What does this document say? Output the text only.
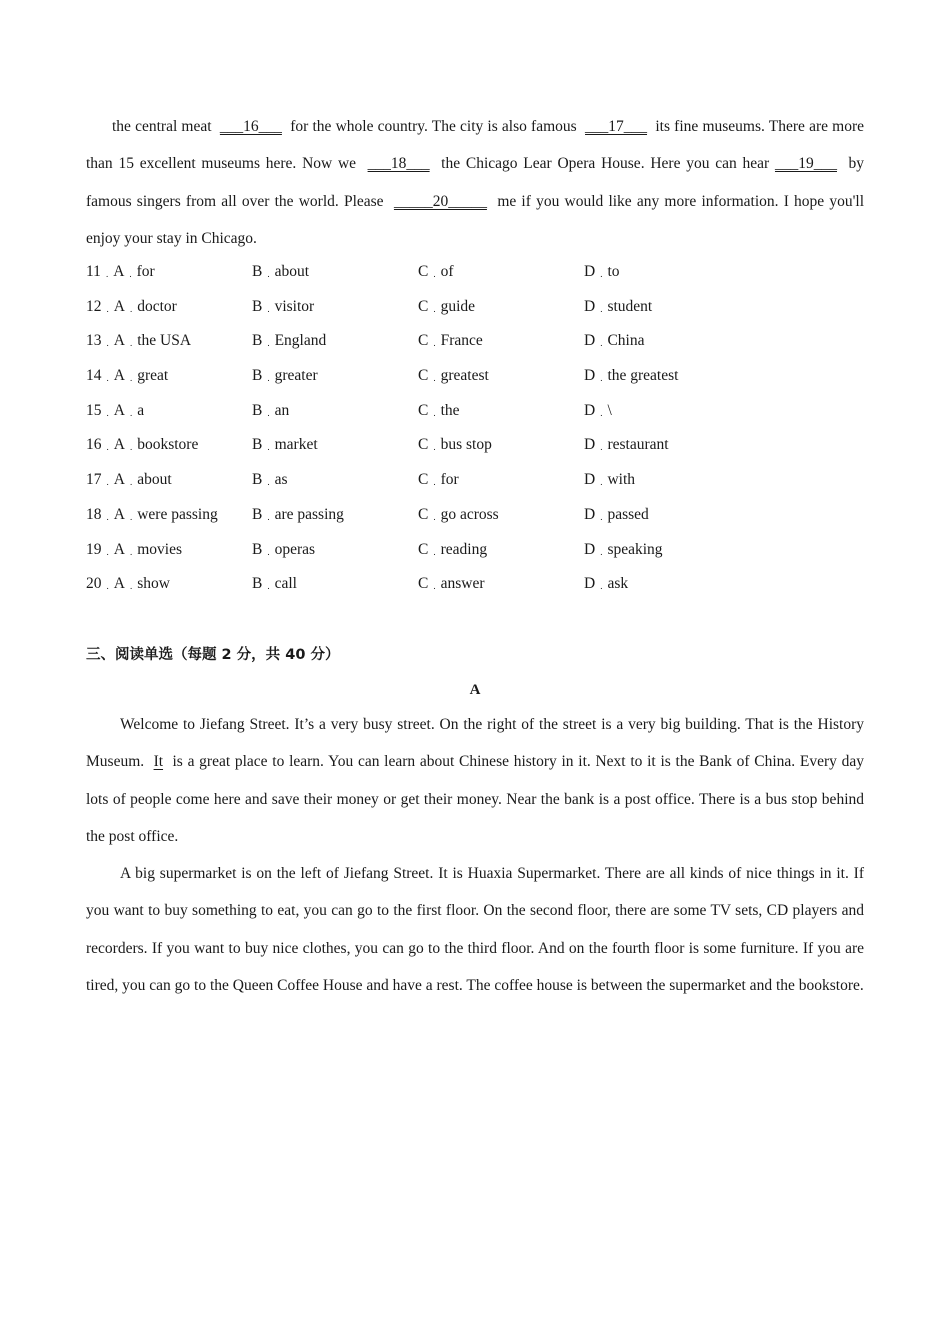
the central meat ___16___ for the whole country. The city is also famous ___17___ its fine museums. There are more than 15 excellent museums here. Now we ___18___ the Chicago Lear Opera House. Here you can hear ___19___ by famous singers from all over the world. Please _____20_____ me if you would like any more information. I hope you'll enjoy your stay in Chicago.

11 . A . for	B . about	C . of	D . to
12 . A . doctor	B . visitor	C . guide	D . student
13 . A . the USA	B . England	C . France	D . China
14 . A . great	B . greater	C . greatest	D . the greatest
15 . A . a	B . an	C . the	D . \
16 . A . bookstore	B . market	C . bus stop	D . restaurant
17 . A . about	B . as	C . for	D . with
18 . A . were passing	B . are passing	C . go across	D . passed
19 . A . movies	B . operas	C . reading	D . speaking
20 . A . show	B . call	C . answer	D . ask
三、阅读单选（每题 2 分，共 40 分）
A

Welcome to Jiefang Street. It’s a very busy street. On the right of the street is a very big building. That is the History Museum. It is a great place to learn. You can learn about Chinese history in it. Next to it is the Bank of China. Every day lots of people come here and save their money or get their money. Near the bank is a post office. There is a bus stop behind the post office.

A big supermarket is on the left of Jiefang Street. It is Huaxia Supermarket. There are all kinds of nice things in it. If you want to buy something to eat, you can go to the first floor. On the second floor, there are some TV sets, CD players and recorders. If you want to buy nice clothes, you can go to the third floor. And on the fourth floor is some furniture. If you are tired, you can go to the Queen Coffee House and have a rest. The coffee house is between the supermarket and the bookstore.
